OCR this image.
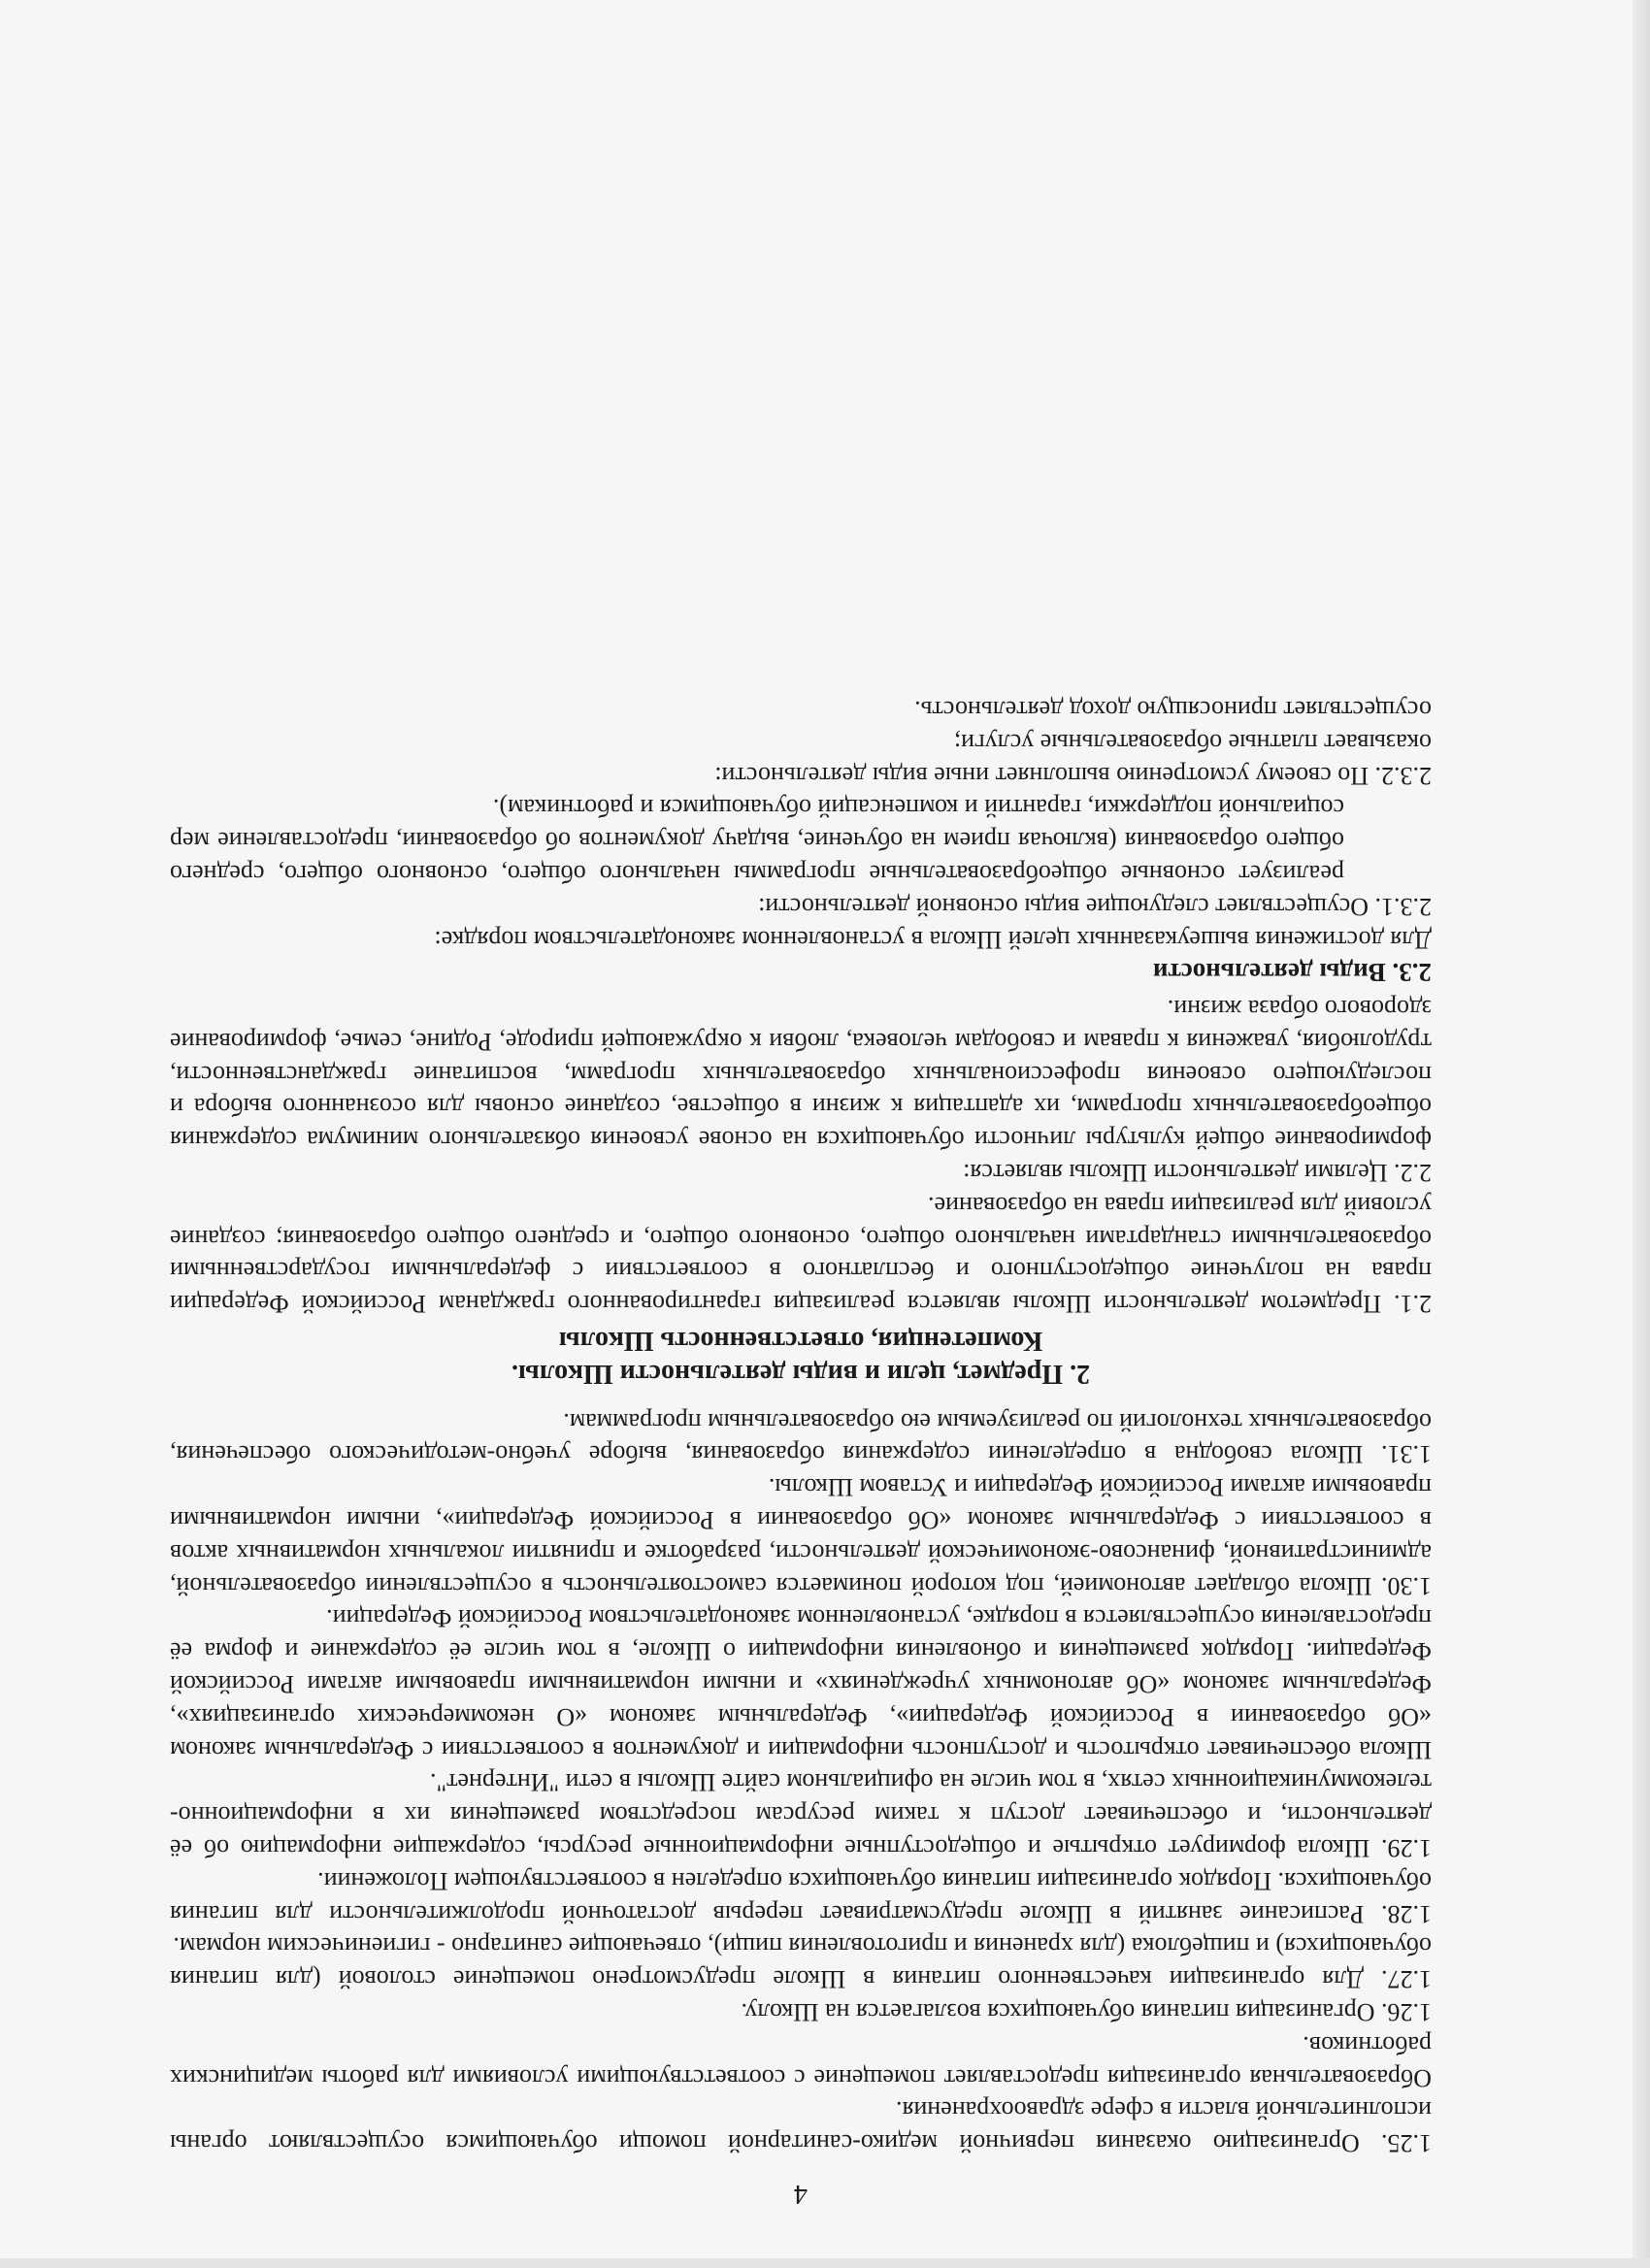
4

1.25. Организацию оказания первичной медико-санитарной помощи обучающимся осуществляют органы исполнительной власти в сфере здравоохранения.

Образовательная организация предоставляет помещение с соответствующими условиями для работы медицинских работников.

1.26. Организация питания обучающихся возлагается на Школу.

1.27. Для организации качественного питания в Школе предусмотрено помещение столовой (для питания обучающихся) и пищеблока (для хранения и приготовления пищи), отвечающие санитарно - гигиеническим нормам.

1.28. Расписание занятий в Школе предусматривает перерыв достаточной продолжительности для питания обучающихся. Порядок организации питания обучающихся определен в соответствующем Положении.

1.29. Школа формирует открытые и общедоступные информационные ресурсы, содержащие информацию об её деятельности, и обеспечивает доступ к таким ресурсам посредством размещения их в информационно-телекоммуникационных сетях, в том числе на официальном сайте Школы в сети "Интернет".

Школа обеспечивает открытость и доступность информации и документов в соответствии с Федеральным законом «Об образовании в Российской Федерации», Федеральным законом «О некоммерческих организациях», Федеральным законом «Об автономных учреждениях» и иными нормативными правовыми актами Российской Федерации. Порядок размещения и обновления информации о Школе, в том числе её содержание и форма её предоставления осуществляется в порядке, установленном законодательством Российской Федерации.

1.30. Школа обладает автономией, под которой понимается самостоятельность в осуществлении образовательной, административной, финансово-экономической деятельности, разработке и принятии локальных нормативных актов в соответствии с Федеральным законом «Об образовании в Российской Федерации», иными нормативными правовыми актами Российской Федерации и Уставом Школы.

1.31. Школа свободна в определении содержания образования, выборе учебно-методического обеспечения, образовательных технологий по реализуемым ею образовательным программам.

2. Предмет, цели и виды деятельности Школы.
Компетенция, ответственность Школы

2.1. Предметом деятельности Школы является реализация гарантированного гражданам Российской Федерации права на получение общедоступного и бесплатного в соответствии с федеральными государственными образовательными стандартами начального общего, основного общего, и среднего общего образования; создание условий для реализации права на образование.

2.2. Целями деятельности Школы является:

формирование общей культуры личности обучающихся на основе усвоения обязательного минимума содержания общеобразовательных программ, их адаптация к жизни в обществе, создание основы для осознанного выбора и последующего освоения профессиональных образовательных программ, воспитание гражданственности, трудолюбия, уважения к правам и свободам человека, любви к окружающей природе, Родине, семье, формирование здорового образа жизни.

2.3. Виды деятельности

Для достижения вышеуказанных целей Школа в установленном законодательством порядке:

2.3.1. Осуществляет следующие виды основной деятельности:

реализует основные общеобразовательные программы начального общего, основного общего, среднего общего образования (включая прием на обучение, выдачу документов об образовании, предоставление мер социальной поддержки, гарантий и компенсаций обучающимся и работникам).

2.3.2. По своему усмотрению выполняет иные виды деятельности:

оказывает платные образовательные услуги;

осуществляет приносящую доход деятельность.
